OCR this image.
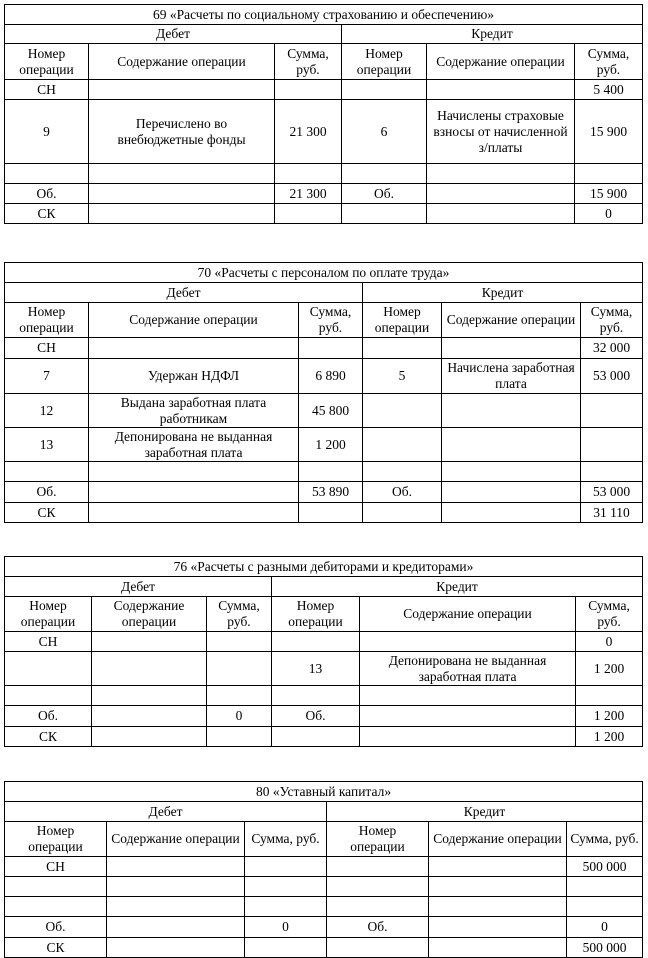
69 «Расчеты по социальному страхованию и обеспечению»					
Дебет			Кредит		
Номер операции	Содержание операции	Сумма, руб.	Номер операции	Содержание операции	Сумма, руб.
СН					5 400
9	Перечислено во внебюджетные фонды	21 300	6	Начислены страховые взносы от начисленной з/платы	15 900

Об.		21 300	Об.		15 900
СК					0
70 «Расчеты с персоналом по оплате труда»					
Дебет			Кредит		
Номер операции	Содержание операции	Сумма, руб.	Номер операции	Содержание операции	Сумма, руб.
СН					32 000
7	Удержан НДФЛ	6 890	5	Начислена заработная плата	53 000
12	Выдана заработная плата работникам	45 800			
13	Депонирована не выданная заработная плата	1 200			

Об.		53 890	Об.		53 000
СК					31 110
76 «Расчеты с разными дебиторами и кредиторами»					
Дебет			Кредит		
Номер операции	Содержание операции	Сумма, руб.	Номер операции	Содержание операции	Сумма, руб.
СН					0
			13	Депонирована не выданная заработная плата	1 200

Об.		0	Об.		1 200
СК					1 200
80 «Уставный капитал»					
Дебет			Кредит		
Номер операции	Содержание операции	Сумма, руб.	Номер операции	Содержание операции	Сумма, руб.
СН					500 000

Об.		0	Об.		0
СК					500 000
